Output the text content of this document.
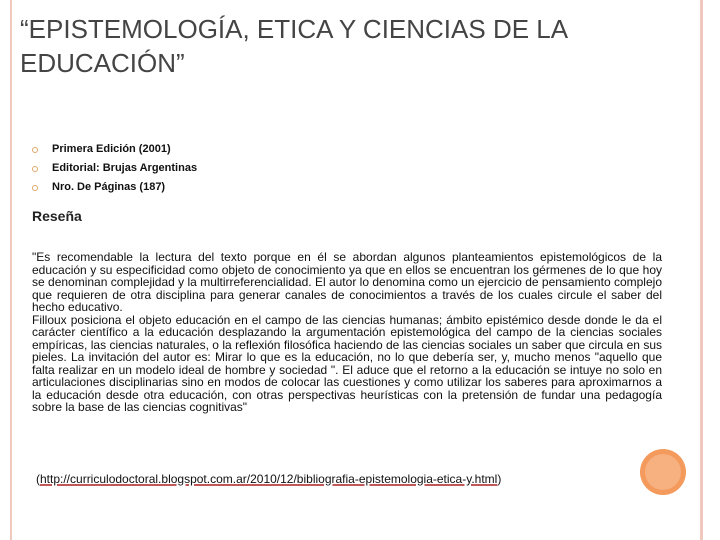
“EPISTEMOLOGÍA, ETICA Y CIENCIAS DE LA EDUCACIÓN”
Primera Edición (2001)
Editorial: Brujas Argentinas
Nro. De Páginas (187)
Reseña

"Es recomendable la lectura del texto porque en él se abordan algunos planteamientos epistemológicos de la educación y su especificidad como objeto de conocimiento ya que en ellos se encuentran los gérmenes de lo que hoy se denominan complejidad y la multirreferencialidad. El autor lo denomina como un ejercicio de pensamiento complejo que requieren de otra disciplina para generar canales de conocimientos a través de los cuales circule el saber del hecho educativo.

Filloux posiciona el objeto educación en el campo de las ciencias humanas; ámbito epistémico desde donde le da el carácter científico a la educación desplazando la argumentación epistemológica del campo de la ciencias sociales empíricas, las ciencias naturales, o la reflexión filosófica haciendo de las ciencias sociales un saber que circula en sus pieles. La invitación del autor es: Mirar lo que es la educación, no lo que debería ser, y, mucho menos "aquello que falta realizar en un modelo ideal de hombre y sociedad ". El aduce que el retorno a la educación se intuye no solo en articulaciones disciplinarias sino en modos de colocar las cuestiones y como utilizar los saberes para aproximarnos a la educación desde otra educación, con otras perspectivas heurísticas con la pretensión de fundar una pedagogía sobre la base de las ciencias cognitivas"

(http://curriculodoctoral.blogspot.com.ar/2010/12/bibliografia-epistemologia-etica-y.html)
